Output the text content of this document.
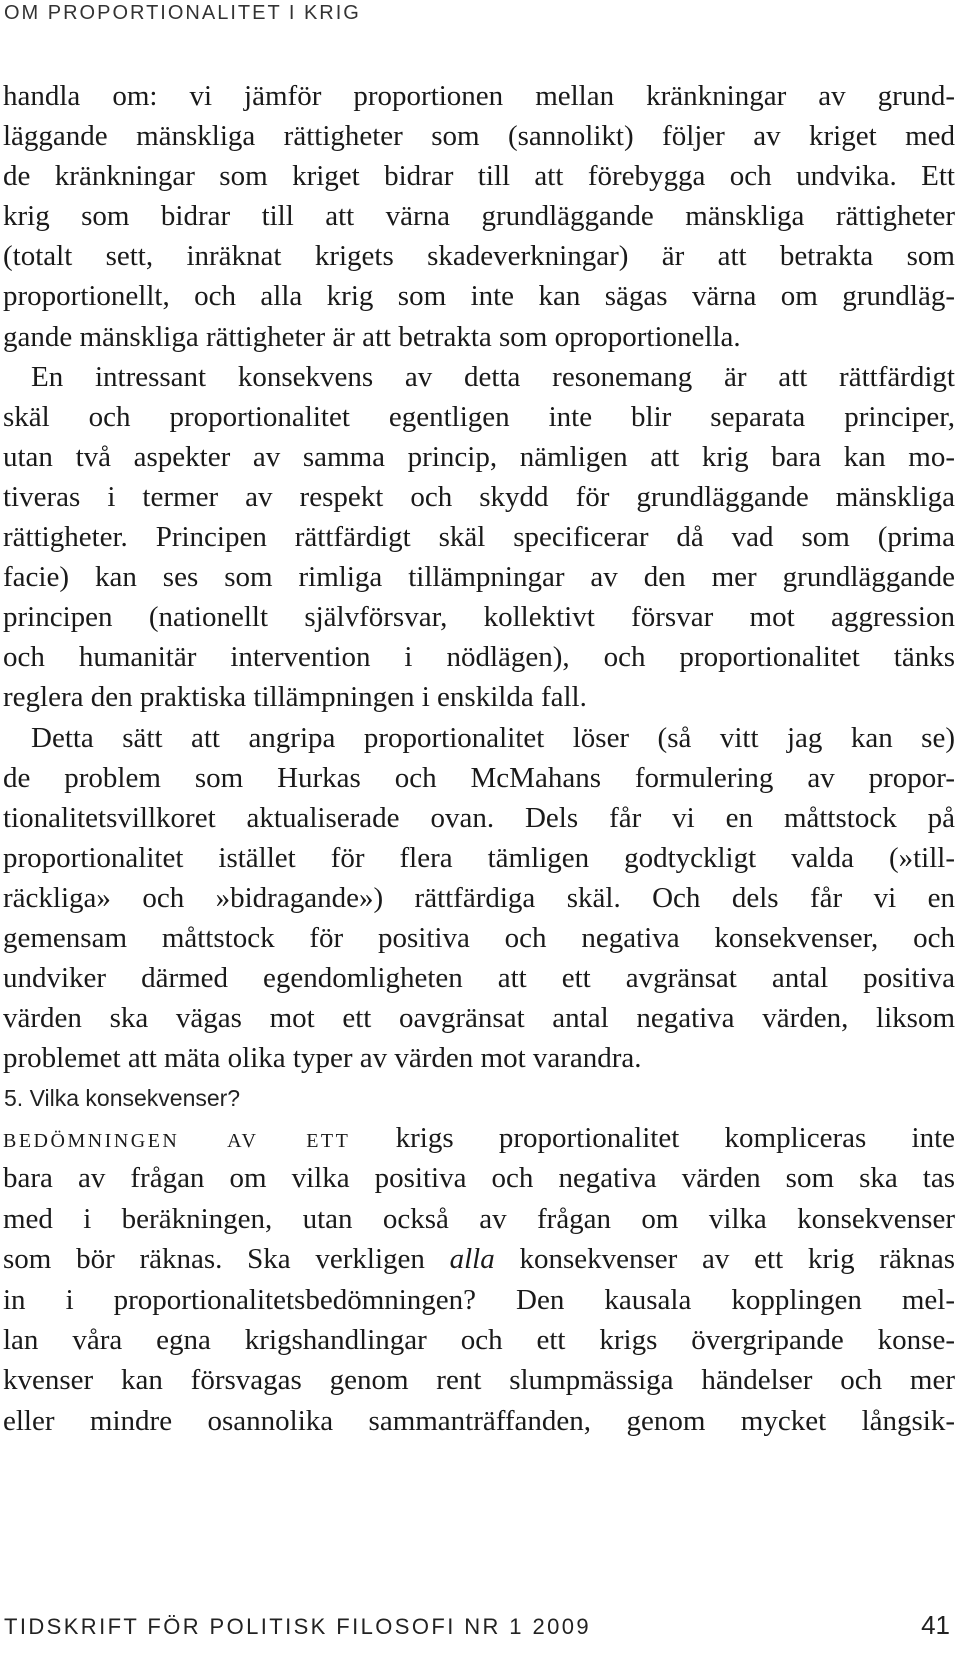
OM PROPORTIONALITET I KRIG

handla om: vi jämför proportionen mellan kränkningar av grund-
läggande mänskliga rättigheter som (sannolikt) följer av kriget med
de kränkningar som kriget bidrar till att förebygga och undvika. Ett
krig som bidrar till att värna grundläggande mänskliga rättigheter
(totalt sett, inräknat krigets skadeverkningar) är att betrakta som
proportionellt, och alla krig som inte kan sägas värna om grundläg-
gande mänskliga rättigheter är att betrakta som oproportionella.

En intressant konsekvens av detta resonemang är att rättfärdigt
skäl och proportionalitet egentligen inte blir separata principer,
utan två aspekter av samma princip, nämligen att krig bara kan mo-
tiveras i termer av respekt och skydd för grundläggande mänskliga
rättigheter. Principen rättfärdigt skäl specificerar då vad som (prima
facie) kan ses som rimliga tillämpningar av den mer grundläggande
principen (nationellt självförsvar, kollektivt försvar mot aggression
och humanitär intervention i nödlägen), och proportionalitet tänks
reglera den praktiska tillämpningen i enskilda fall.

Detta sätt att angripa proportionalitet löser (så vitt jag kan se)
de problem som Hurkas och McMahans formulering av propor-
tionalitetsvillkoret aktualiserade ovan. Dels får vi en måttstock på
proportionalitet istället för flera tämligen godtyckligt valda (»till-
räckliga» och »bidragande») rättfärdiga skäl. Och dels får vi en
gemensam måttstock för positiva och negativa konsekvenser, och
undviker därmed egendomligheten att ett avgränsat antal positiva
värden ska vägas mot ett oavgränsat antal negativa värden, liksom
problemet att mäta olika typer av värden mot varandra.

5. Vilka konsekvenser?
bedömningen av ett krigs proportionalitet kompliceras inte
bara av frågan om vilka positiva och negativa värden som ska tas
med i beräkningen, utan också av frågan om vilka konsekvenser
som bör räknas. Ska verkligen alla konsekvenser av ett krig räknas
in i proportionalitetsbedömningen? Den kausala kopplingen mel-
lan våra egna krigshandlingar och ett krigs övergripande konse-
kvenser kan försvagas genom rent slumpmässiga händelser och mer
eller mindre osannolika sammanträffanden, genom mycket långsik-
TIDSKRIFT FÖR POLITISK FILOSOFI NR 1 2009	41
